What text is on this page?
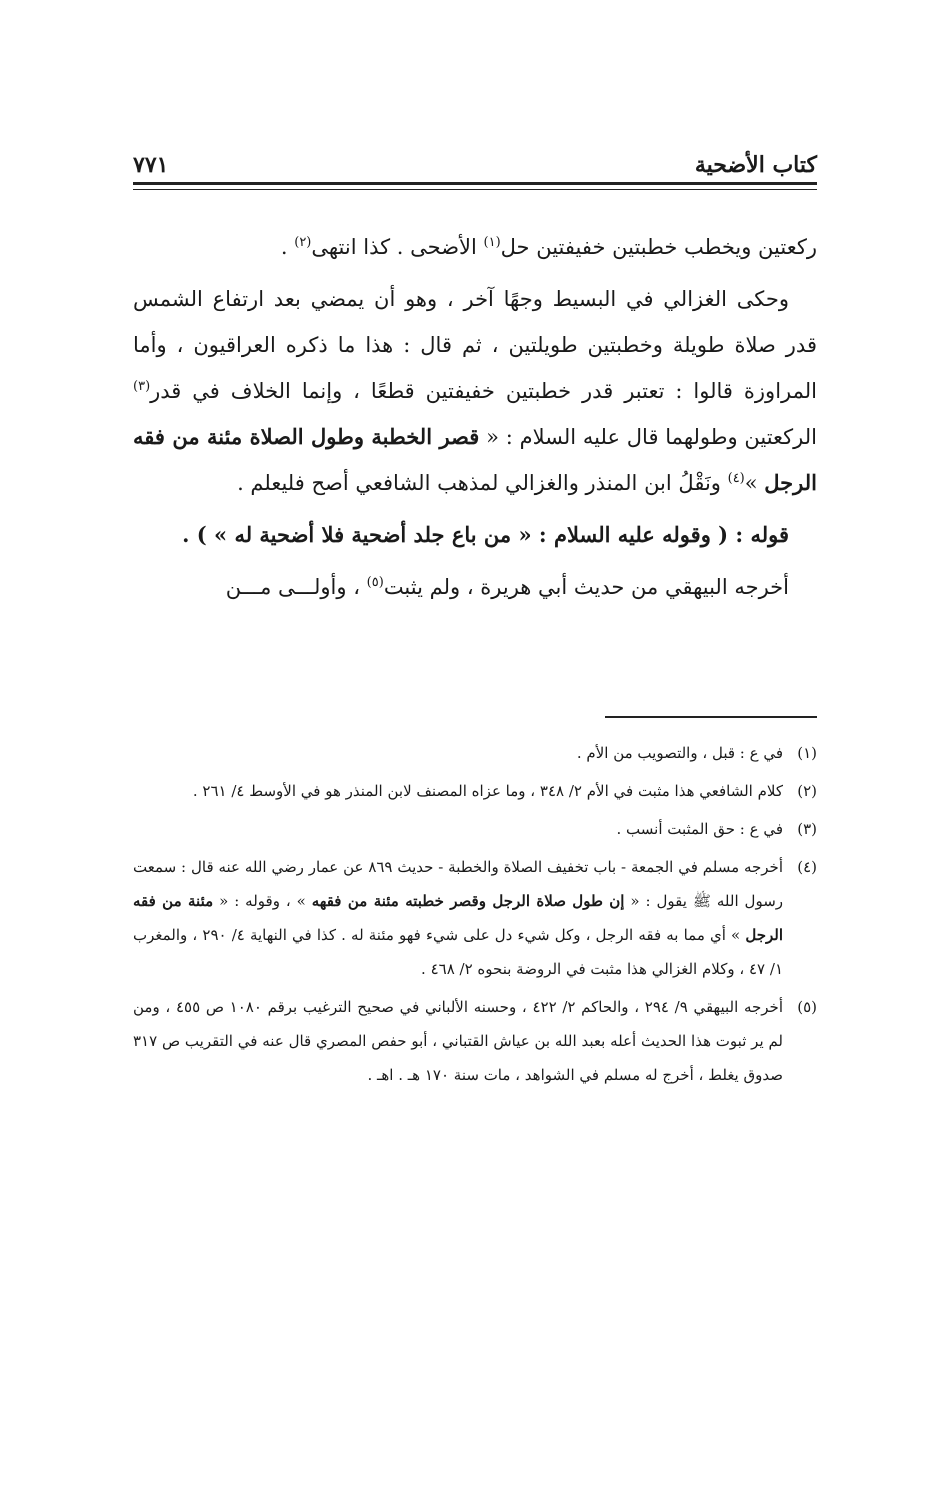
كتاب الأضحية
٧٧١

ركعتين ويخطب خطبتين خفيفتين حل$^{(١)}$ الأضحى . كذا انتهى$^{(٢)}$ .

وحكى الغزالي في البسيط وجهًا آخر ، وهو أن يمضي بعد ارتفاع الشمس قدر صلاة طويلة وخطبتين طويلتين ، ثم قال : هذا ما ذكره العراقيون ، وأما المراوزة قالوا : تعتبر قدر خطبتين خفيفتين قطعًا ، وإنما الخلاف في قدر$^{(٣)}$ الركعتين وطولهما قال عليه السلام : « قصر الخطبة وطول الصلاة مئنة من فقه الرجل »$^{(٤)}$ ونَقْلُ ابن المنذر والغزالي لمذهب الشافعي أصح فليعلم .

قوله : ( وقوله عليه السلام : « من باع جلد أضحية فلا أضحية له » ) .

أخرجه البيهقي من حديث أبي هريرة ، ولم يثبت$^{(٥)}$ ، وأولـــى مـــن

(١)
في ع : قبل ، والتصويب من الأم .
(٢)
كلام الشافعي هذا مثبت في الأم ٢/ ٣٤٨ ، وما عزاه المصنف لابن المنذر هو في الأوسط ٤/ ٢٦١ .
(٣)
في ع : حق المثبت أنسب .
(٤)
أخرجه مسلم في الجمعة - باب تخفيف الصلاة والخطبة - حديث ٨٦٩ عن عمار رضي الله عنه قال : سمعت رسول الله ﷺ يقول : « إن طول صلاة الرجل وقصر خطبته مئنة من فقهه » ، وقوله : « مئنة من فقه الرجل » أي مما به فقه الرجل ، وكل شيء دل على شيء فهو مئنة له . كذا في النهاية ٤/ ٢٩٠ ، والمغرب ١/ ٤٧ ، وكلام الغزالي هذا مثبت في الروضة بنحوه ٢/ ٤٦٨ .
(٥)
أخرجه البيهقي ٩/ ٢٩٤ ، والحاكم ٢/ ٤٢٢ ، وحسنه الألباني في صحيح الترغيب برقم ١٠٨٠ ص ٤٥٥ ، ومن لم ير ثبوت هذا الحديث أعله بعبد الله بن عياش القتباني ، أبو حفص المصري قال عنه في التقريب ص ٣١٧ صدوق يغلط ، أخرج له مسلم في الشواهد ، مات سنة ١٧٠ هـ . اهـ .
